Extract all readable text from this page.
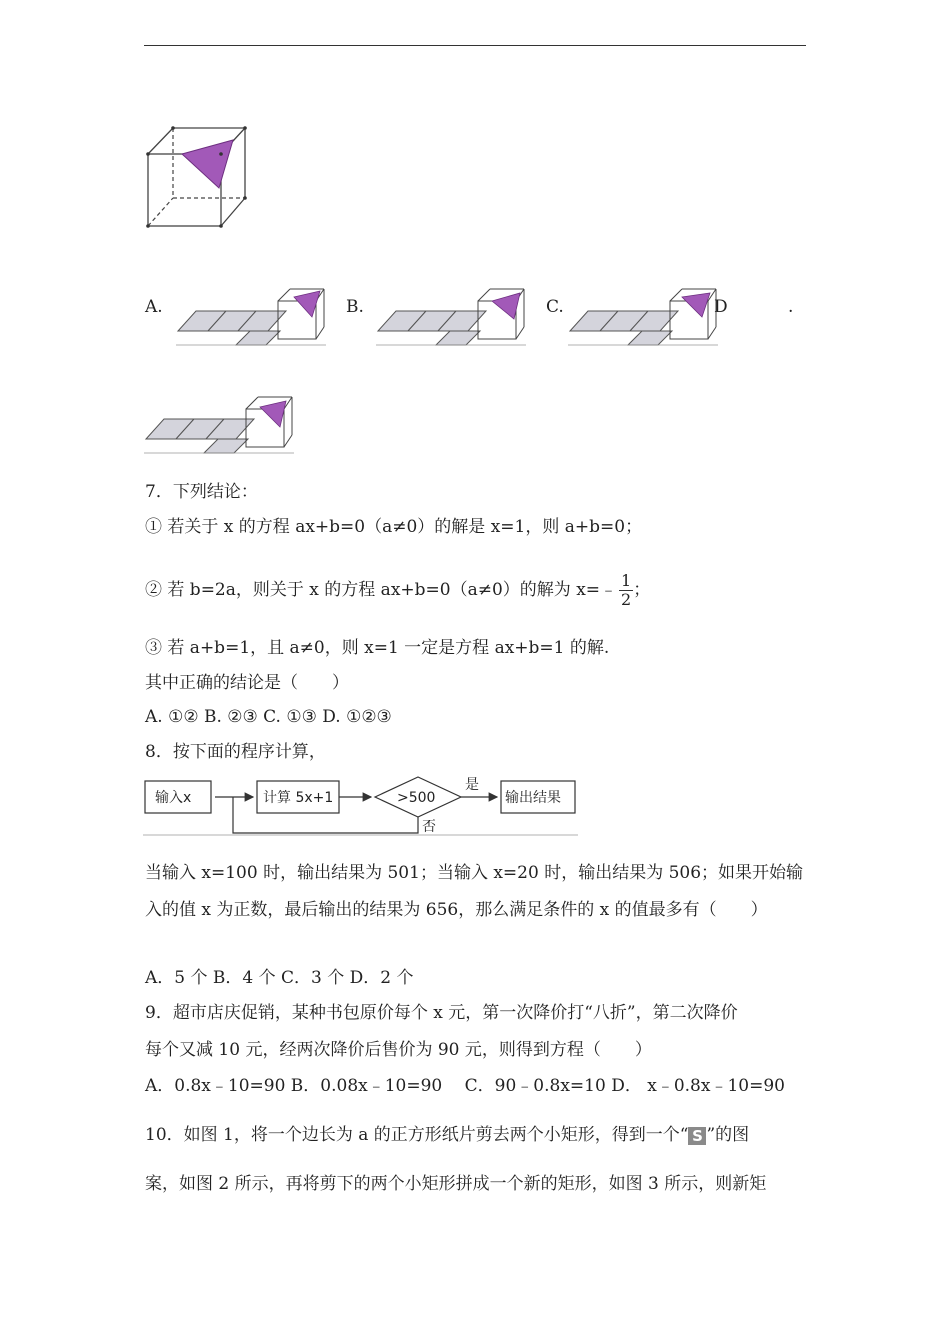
A.	B.	C.	D	.
7．下列结论：
① 若关于 x 的方程 ax+b=0（a≠0）的解是 x=1，则 a+b=0；
② 若 b=2a，则关于 x 的方程 ax+b=0（a≠0）的解为 x=﹣ $\frac{1}{2}$ ；
③ 若 a+b=1，且 a≠0，则 x=1 一定是方程 ax+b=1 的解.
其中正确的结论是（　　）
A. ①② B. ②③ C. ①③ D. ①②③
8．按下面的程序计算，
输入x	计算 5x+1	>500
是
否
输出结果
当输入 x=100 时，输出结果为 501；当输入 x=20 时，输出结果为 506；如果开始输
入的值 x 为正数，最后输出的结果为 656，那么满足条件的 x 的值最多有（　　）
A．5 个 B．4 个 C．3 个 D．2 个
9．超市店庆促销，某种书包原价每个 x 元，第一次降价打“八折”，第二次降价
每个又减 10 元，经两次降价后售价为 90 元，则得到方程（　　）
A．0.8x﹣10=90 B．0.08x﹣10=90　 C．90﹣0.8x=10 D． x﹣0.8x﹣10=90
10．如图 1，将一个边长为 a 的正方形纸片剪去两个小矩形，得到一个“ S ”的图
案，如图 2 所示，再将剪下的两个小矩形拼成一个新的矩形，如图 3 所示，则新矩
